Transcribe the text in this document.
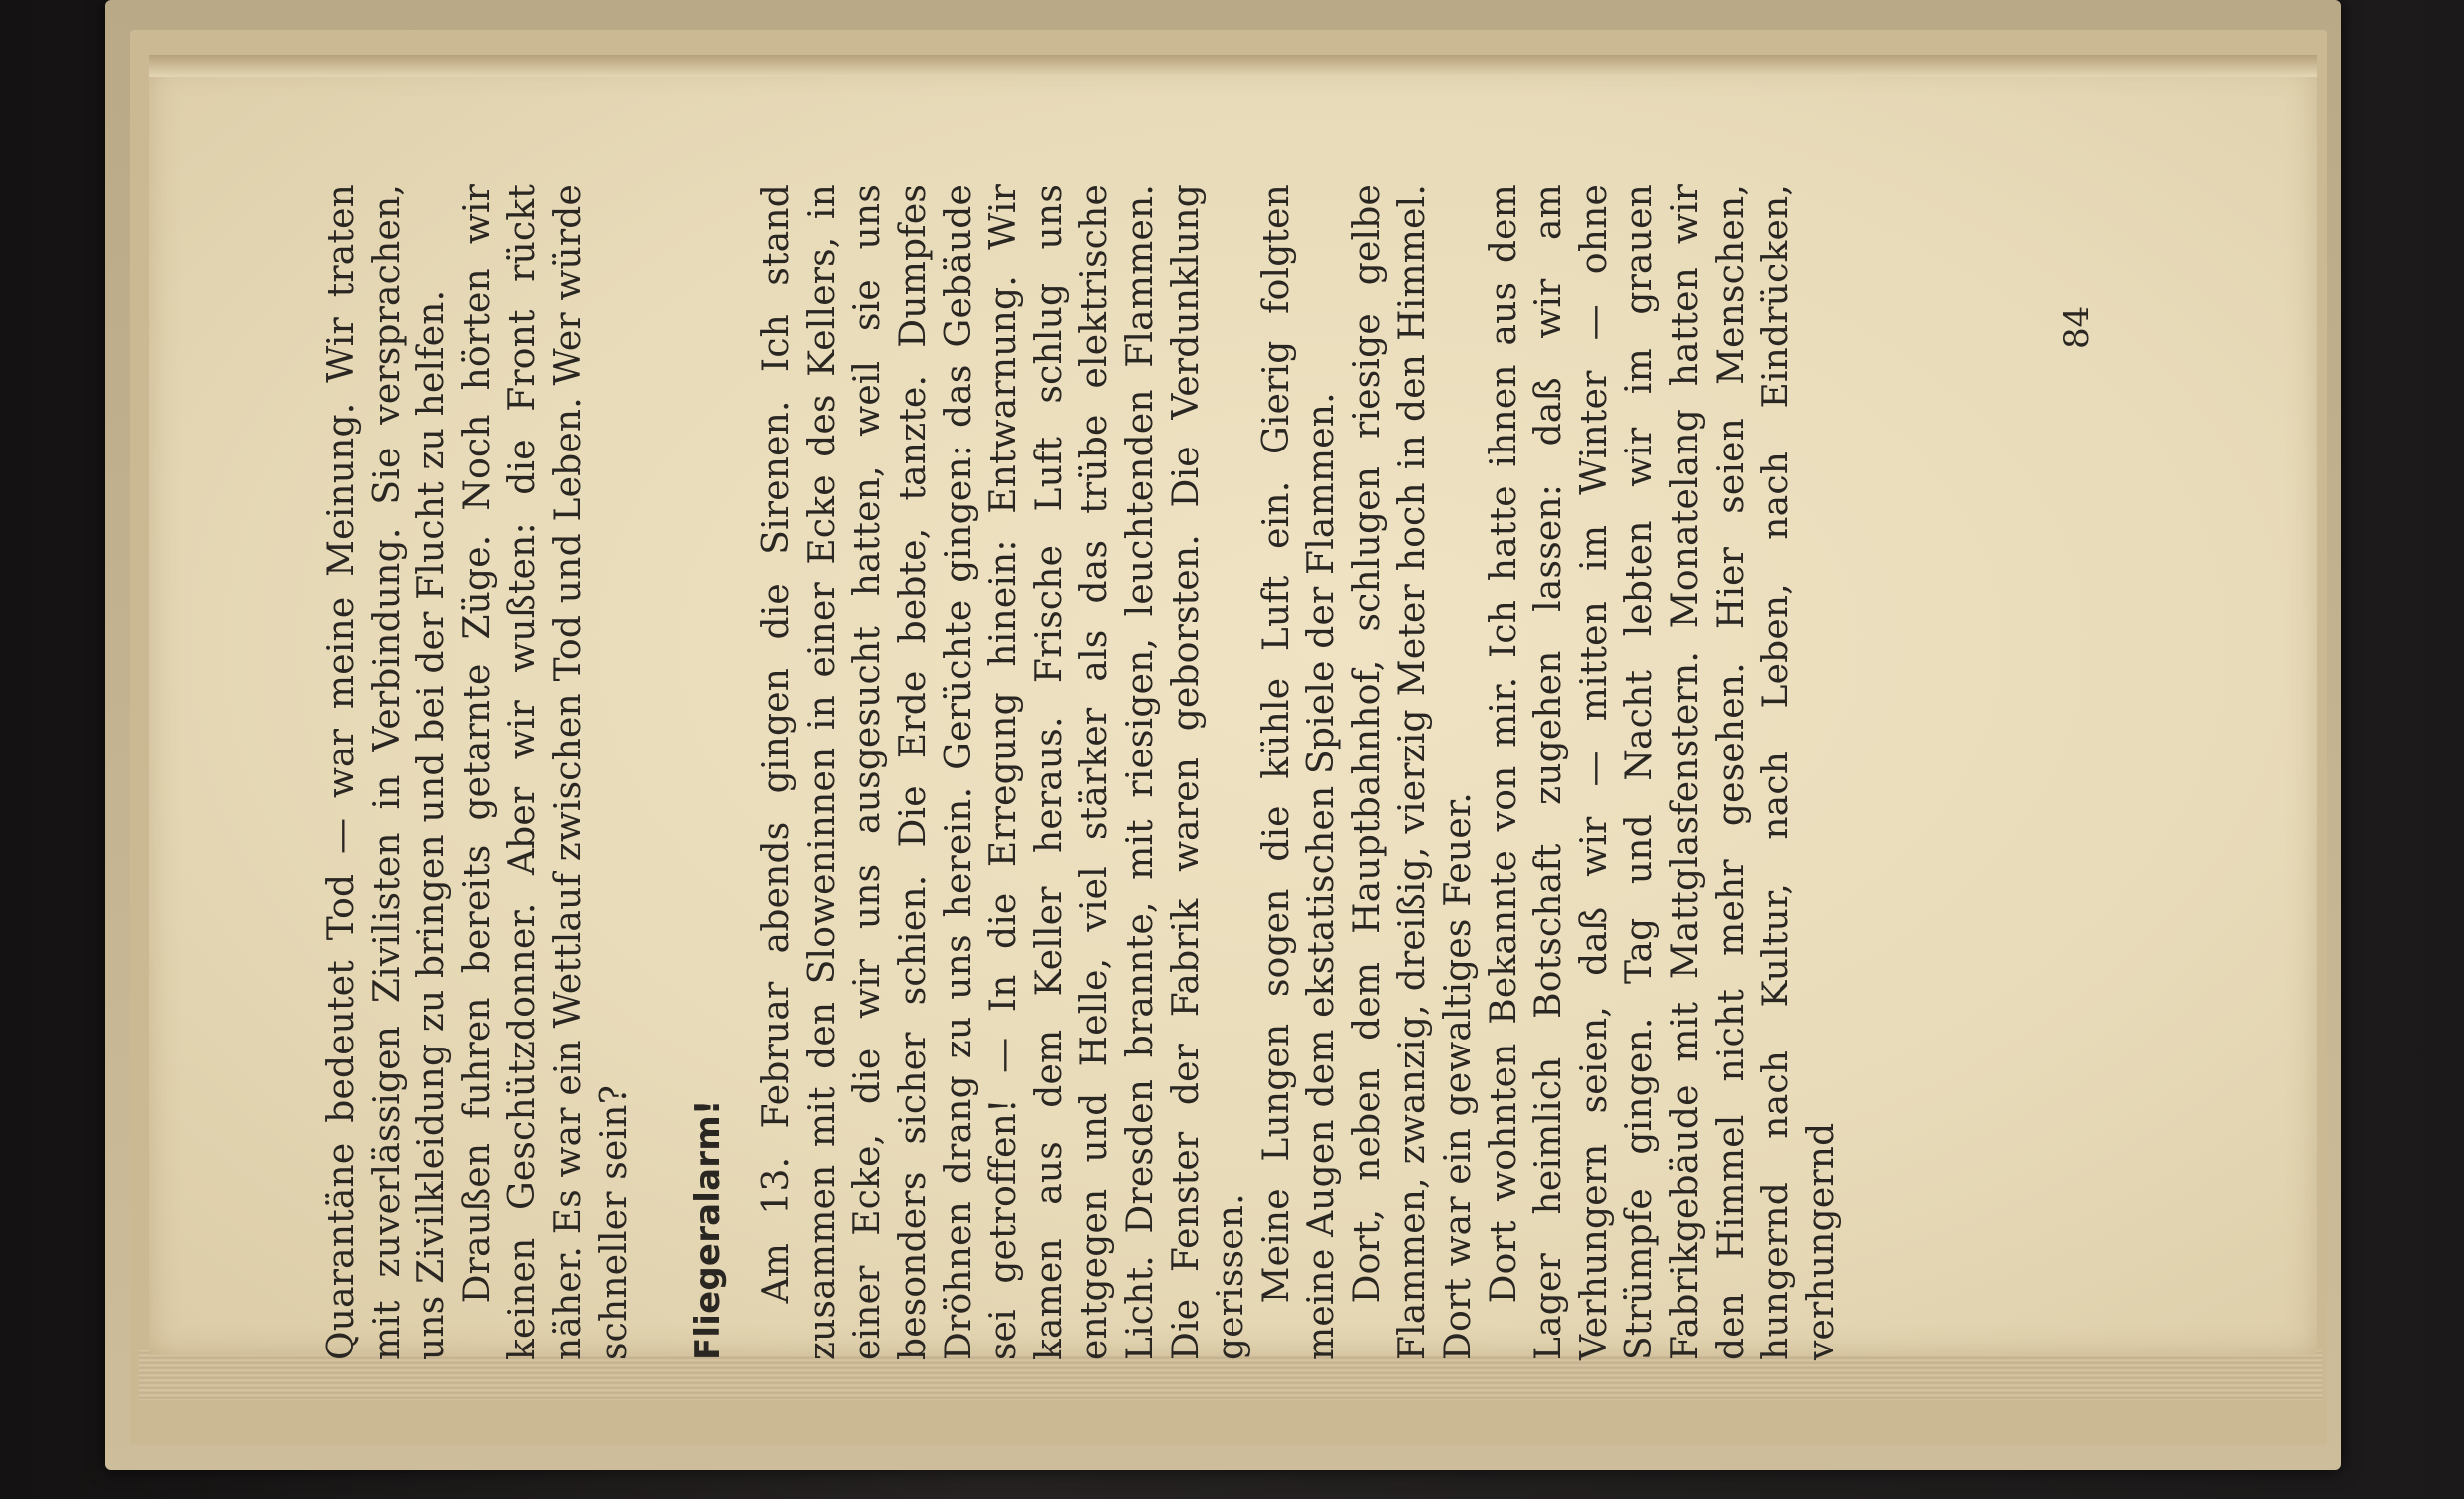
Quarantäne bedeutet Tod — war meine Meinung. Wir traten mit zuverlässigen Zivilisten in Verbindung. Sie versprachen, uns Zivilkleidung zu bringen und bei der Flucht zu helfen. Draußen fuhren bereits getarnte Züge. Noch hörten wir keinen Geschützdonner. Aber wir wußten: die Front rückt näher. Es war ein Wettlauf zwischen Tod und Leben. Wer würde schneller sein? Fliegeralarm! Am 13. Februar abends gingen die Sirenen. Ich stand zusammen mit den Sloweninnen in einer Ecke des Kellers, in einer Ecke, die wir uns ausgesucht hatten, weil sie uns besonders sicher schien. Die Erde bebte, tanzte. Dumpfes Dröhnen drang zu uns herein. Gerüchte gingen: das Gebäude sei getroffen! — In die Erregung hinein: Entwarnung. Wir kamen aus dem Keller heraus. Frische Luft schlug uns entgegen und Helle, viel stärker als das trübe elektrische Licht. Dresden brannte, mit riesigen, leuchtenden Flammen. Die Fenster der Fabrik waren geborsten. Die Verdunklung gerissen. Meine Lungen sogen die kühle Luft ein. Gierig folgten meine Augen dem ekstatischen Spiele der Flammen. Dort, neben dem Hauptbahnhof, schlugen riesige gelbe Flammen, zwanzig, dreißig, vierzig Meter hoch in den Himmel. Dort war ein gewaltiges Feuer. Dort wohnten Bekannte von mir. Ich hatte ihnen aus dem Lager heimlich Botschaft zugehen lassen: daß wir am Verhungern seien, daß wir — mitten im Winter — ohne Strümpfe gingen. Tag und Nacht lebten wir im grauen Fabrikgebäude mit Mattglasfenstern. Monatelang hatten wir den Himmel nicht mehr gesehen. Hier seien Menschen, hungernd nach Kultur, nach Leben, nach Eindrücken, verhungernd

84
